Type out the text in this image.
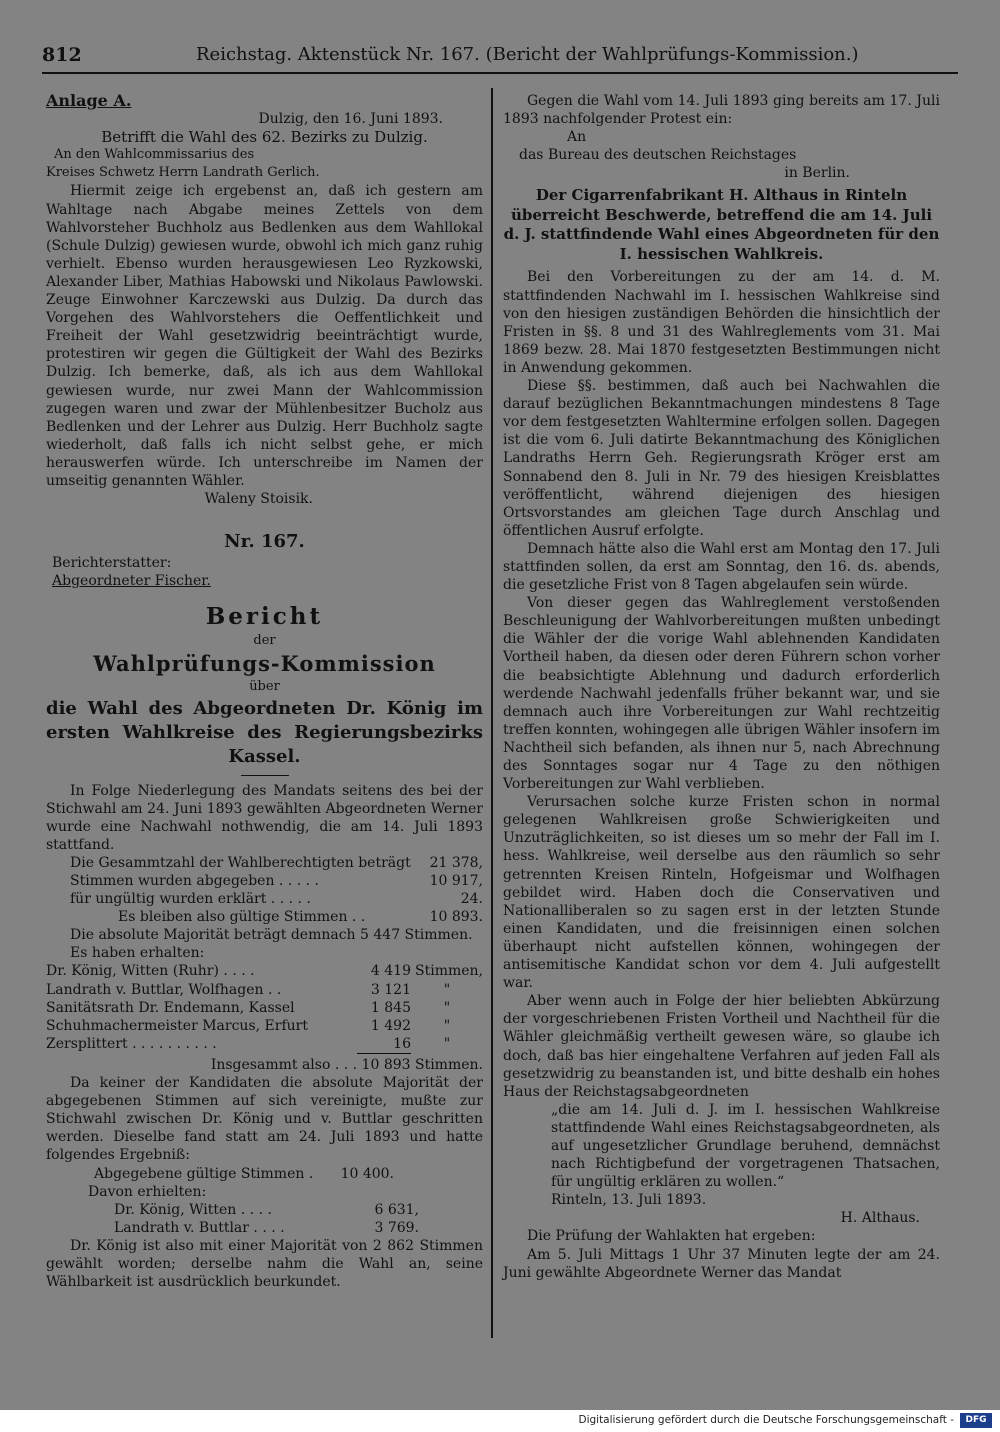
812	Reichstag. Aktenstück Nr. 167. (Bericht der Wahlprüfungs-Kommission.)

Anlage A.

Dulzig, den 16. Juni 1893.

Betrifft die Wahl des 62. Bezirks zu Dulzig.

An den Wahlcommissarius des

Kreises Schwetz Herrn Landrath Gerlich.

Hiermit zeige ich ergebenst an, daß ich gestern am Wahltage nach Abgabe meines Zettels von dem Wahlvorsteher Buchholz aus Bedlenken aus dem Wahllokal (Schule Dulzig) gewiesen wurde, obwohl ich mich ganz ruhig verhielt. Ebenso wurden herausgewiesen Leo Ryzkowski, Alexander Liber, Mathias Habowski und Nikolaus Pawlowski. Zeuge Einwohner Karczewski aus Dulzig. Da durch das Vorgehen des Wahlvorstehers die Oeffentlichkeit und Freiheit der Wahl gesetzwidrig beeinträchtigt wurde, protestiren wir gegen die Gültigkeit der Wahl des Bezirks Dulzig. Ich bemerke, daß, als ich aus dem Wahllokal gewiesen wurde, nur zwei Mann der Wahlcommission zugegen waren und zwar der Mühlenbesitzer Bucholz aus Bedlenken und der Lehrer aus Dulzig. Herr Buchholz sagte wiederholt, daß falls ich nicht selbst gehe, er mich herauswerfen würde. Ich unterschreibe im Namen der umseitig genannten Wähler.

Waleny Stoisik.

Nr. 167.

Berichterstatter:

Abgeordneter Fischer.

Bericht

der

Wahlprüfungs-Kommission

über

die Wahl des Abgeordneten Dr. König im ersten Wahlkreise des Regierungsbezirks Kassel.

In Folge Niederlegung des Mandats seitens des bei der Stichwahl am 24. Juni 1893 gewählten Abgeordneten Werner wurde eine Nachwahl nothwendig, die am 14. Juli 1893 stattfand.

Die Gesammtzahl der Wahlberechtigten beträgt	21 378,
Stimmen wurden abgegeben . . . . .	10 917,
für ungültig wurden erklärt . . . . .	24.
Es bleiben also gültige Stimmen . .	10 893.

Die absolute Majorität beträgt demnach 5 447 Stimmen.

Es haben erhalten:

Dr. König, Witten (Ruhr) . . . .	4 419	Stimmen,
Landrath v. Buttlar, Wolfhagen . .	3 121	"
Sanitätsrath Dr. Endemann, Kassel	1 845	"
Schuhmachermeister Marcus, Erfurt	1 492	"
Zersplittert . . . . . . . . . .	16	"

Insgesammt also . . . 10 893 Stimmen.

Da keiner der Kandidaten die absolute Majorität der abgegebenen Stimmen auf sich vereinigte, mußte zur Stichwahl zwischen Dr. König und v. Buttlar geschritten werden. Dieselbe fand statt am 24. Juli 1893 und hatte folgendes Ergebniß:

Abgegebene gültige Stimmen .	10 400.

Davon erhielten:

Dr. König, Witten . . . .	6 631,
Landrath v. Buttlar . . . .	3 769.

Dr. König ist also mit einer Majorität von 2 862 Stimmen gewählt worden; derselbe nahm die Wahl an, seine Wählbarkeit ist ausdrücklich beurkundet.

Gegen die Wahl vom 14. Juli 1893 ging bereits am 17. Juli 1893 nachfolgender Protest ein:

An

das Bureau des deutschen Reichstages

in Berlin.

Der Cigarrenfabrikant H. Althaus in Rinteln überreicht Beschwerde, betreffend die am 14. Juli d. J. stattfindende Wahl eines Abgeordneten für den I. hessischen Wahlkreis.

Bei den Vorbereitungen zu der am 14. d. M. stattfindenden Nachwahl im I. hessischen Wahlkreise sind von den hiesigen zuständigen Behörden die hinsichtlich der Fristen in §§. 8 und 31 des Wahlreglements vom 31. Mai 1869 bezw. 28. Mai 1870 festgesetzten Bestimmungen nicht in Anwendung gekommen.

Diese §§. bestimmen, daß auch bei Nachwahlen die darauf bezüglichen Bekanntmachungen mindestens 8 Tage vor dem festgesetzten Wahltermine erfolgen sollen. Dagegen ist die vom 6. Juli datirte Bekanntmachung des Königlichen Landraths Herrn Geh. Regierungsrath Kröger erst am Sonnabend den 8. Juli in Nr. 79 des hiesigen Kreisblattes veröffentlicht, während diejenigen des hiesigen Ortsvorstandes am gleichen Tage durch Anschlag und öffentlichen Ausruf erfolgte.

Demnach hätte also die Wahl erst am Montag den 17. Juli stattfinden sollen, da erst am Sonntag, den 16. ds. abends, die gesetzliche Frist von 8 Tagen abgelaufen sein würde.

Von dieser gegen das Wahlreglement verstoßenden Beschleunigung der Wahlvorbereitungen mußten unbedingt die Wähler der die vorige Wahl ablehnenden Kandidaten Vortheil haben, da diesen oder deren Führern schon vorher die beabsichtigte Ablehnung und dadurch erforderlich werdende Nachwahl jedenfalls früher bekannt war, und sie demnach auch ihre Vorbereitungen zur Wahl rechtzeitig treffen konnten, wohingegen alle übrigen Wähler insofern im Nachtheil sich befanden, als ihnen nur 5, nach Abrechnung des Sonntages sogar nur 4 Tage zu den nöthigen Vorbereitungen zur Wahl verblieben.

Verursachen solche kurze Fristen schon in normal gelegenen Wahlkreisen große Schwierigkeiten und Unzuträglichkeiten, so ist dieses um so mehr der Fall im I. hess. Wahlkreise, weil derselbe aus den räumlich so sehr getrennten Kreisen Rinteln, Hofgeismar und Wolfhagen gebildet wird. Haben doch die Conservativen und Nationalliberalen so zu sagen erst in der letzten Stunde einen Kandidaten, und die freisinnigen einen solchen überhaupt nicht aufstellen können, wohingegen der antisemitische Kandidat schon vor dem 4. Juli aufgestellt war.

Aber wenn auch in Folge der hier beliebten Abkürzung der vorgeschriebenen Fristen Vortheil und Nachtheil für die Wähler gleichmäßig vertheilt gewesen wäre, so glaube ich doch, daß bas hier eingehaltene Verfahren auf jeden Fall als gesetzwidrig zu beanstanden ist, und bitte deshalb ein hohes Haus der Reichstagsabgeordneten

„die am 14. Juli d. J. im I. hessischen Wahlkreise stattfindende Wahl eines Reichstagsabgeordneten, als auf ungesetzlicher Grundlage beruhend, demnächst nach Richtigbefund der vorgetragenen Thatsachen, für ungültig erklären zu wollen.“

Rinteln, 13. Juli 1893.

H. Althaus.

Die Prüfung der Wahlakten hat ergeben:

Am 5. Juli Mittags 1 Uhr 37 Minuten legte der am 24. Juni gewählte Abgeordnete Werner das Mandat

Digitalisierung gefördert durch die Deutsche Forschungsgemeinschaft -	DFG
